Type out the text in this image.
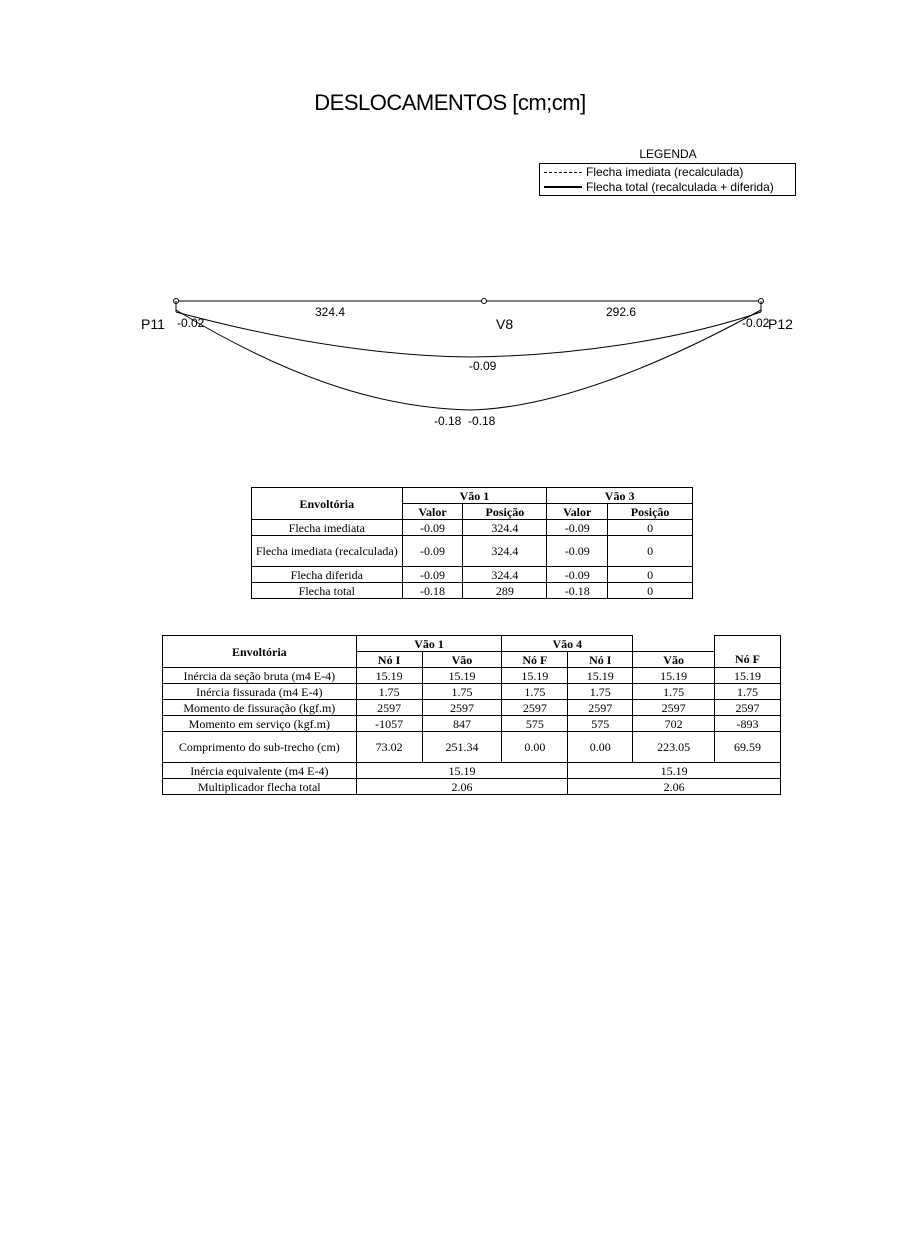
DESLOCAMENTOS [cm;cm]
LEGENDA
Flecha imediata (recalculada)
Flecha total (recalculada + diferida)
P11	P12
V8
324.4	292.6
-0.02	-0.02
-0.09
-0.18 -0.18
Envoltória	Vão 1		Vão 3	
	Valor	Posição	Valor	Posição
Flecha imediata	-0.09	324.4	-0.09	0
Flecha imediata (recalculada)	-0.09	324.4	-0.09	0
Flecha diferida	-0.09	324.4	-0.09	0
Flecha total	-0.18	289	-0.18	0
Envoltória	Vão 1		Vão 4			
	Nó I	Vão	Nó F	Nó I	Vão	Nó F
Inércia da seção bruta (m4 E-4)	15.19	15.19	15.19	15.19	15.19	15.19
Inércia fissurada (m4 E-4)	1.75	1.75	1.75	1.75	1.75	1.75
Momento de fissuração (kgf.m)	2597	2597	2597	2597	2597	2597
Momento em serviço (kgf.m)	-1057	847	575	575	702	-893
Comprimento do sub-trecho (cm)	73.02	251.34	0.00	0.00	223.05	69.59
Inércia equivalente (m4 E-4)	15.19			15.19		
Multiplicador flecha total	2.06			2.06		
